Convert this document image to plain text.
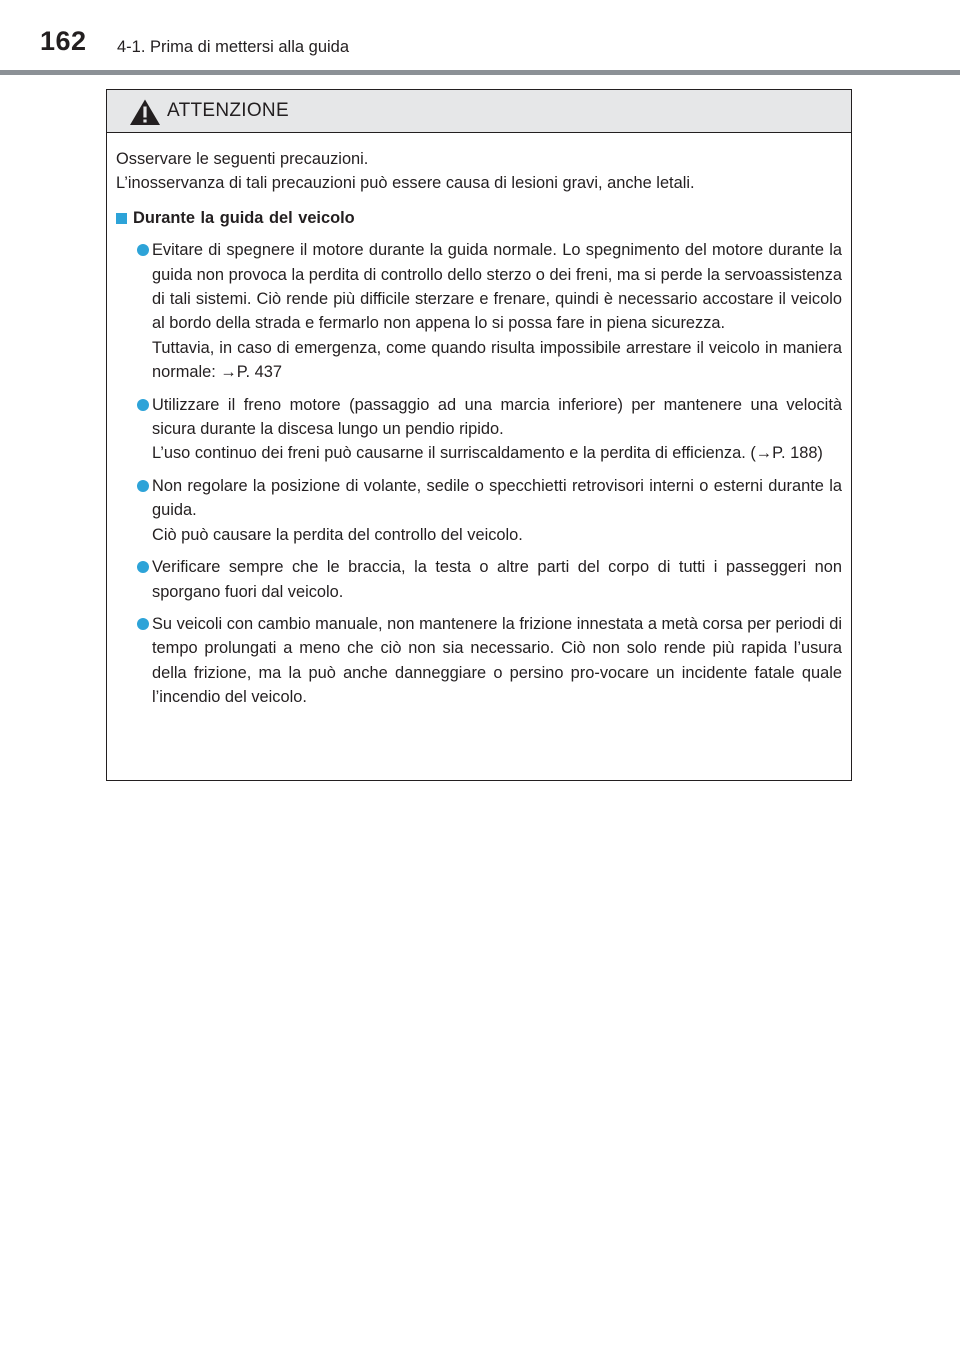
162 4-1. Prima di mettersi alla guida
ATTENZIONE

Osservare le seguenti precauzioni.

L’inosservanza di tali precauzioni può essere causa di lesioni gravi, anche letali.

Durante la guida del veicolo

Evitare di spegnere il motore durante la guida normale. Lo spegnimento del motore durante la guida non provoca la perdita di controllo dello sterzo o dei freni, ma si perde la servoassistenza di tali sistemi. Ciò rende più difficile sterzare e frenare, quindi è necessario accostare il veicolo al bordo della strada e fermarlo non appena lo si possa fare in piena sicurezza.

Tuttavia, in caso di emergenza, come quando risulta impossibile arrestare il veicolo in maniera normale: →P. 437

Utilizzare il freno motore (passaggio ad una marcia inferiore) per mantenere una velocità sicura durante la discesa lungo un pendio ripido.

L’uso continuo dei freni può causarne il surriscaldamento e la perdita di efficienza. (→P. 188)

Non regolare la posizione di volante, sedile o specchietti retrovisori interni o esterni durante la guida.

Ciò può causare la perdita del controllo del veicolo.

Verificare sempre che le braccia, la testa o altre parti del corpo di tutti i passeggeri non sporgano fuori dal veicolo.

Su veicoli con cambio manuale, non mantenere la frizione innestata a metà corsa per periodi di tempo prolungati a meno che ciò non sia necessario. Ciò non solo rende più rapida l’usura della frizione, ma la può anche danneggiare o persino pro-vocare un incidente fatale quale l’incendio del veicolo.
